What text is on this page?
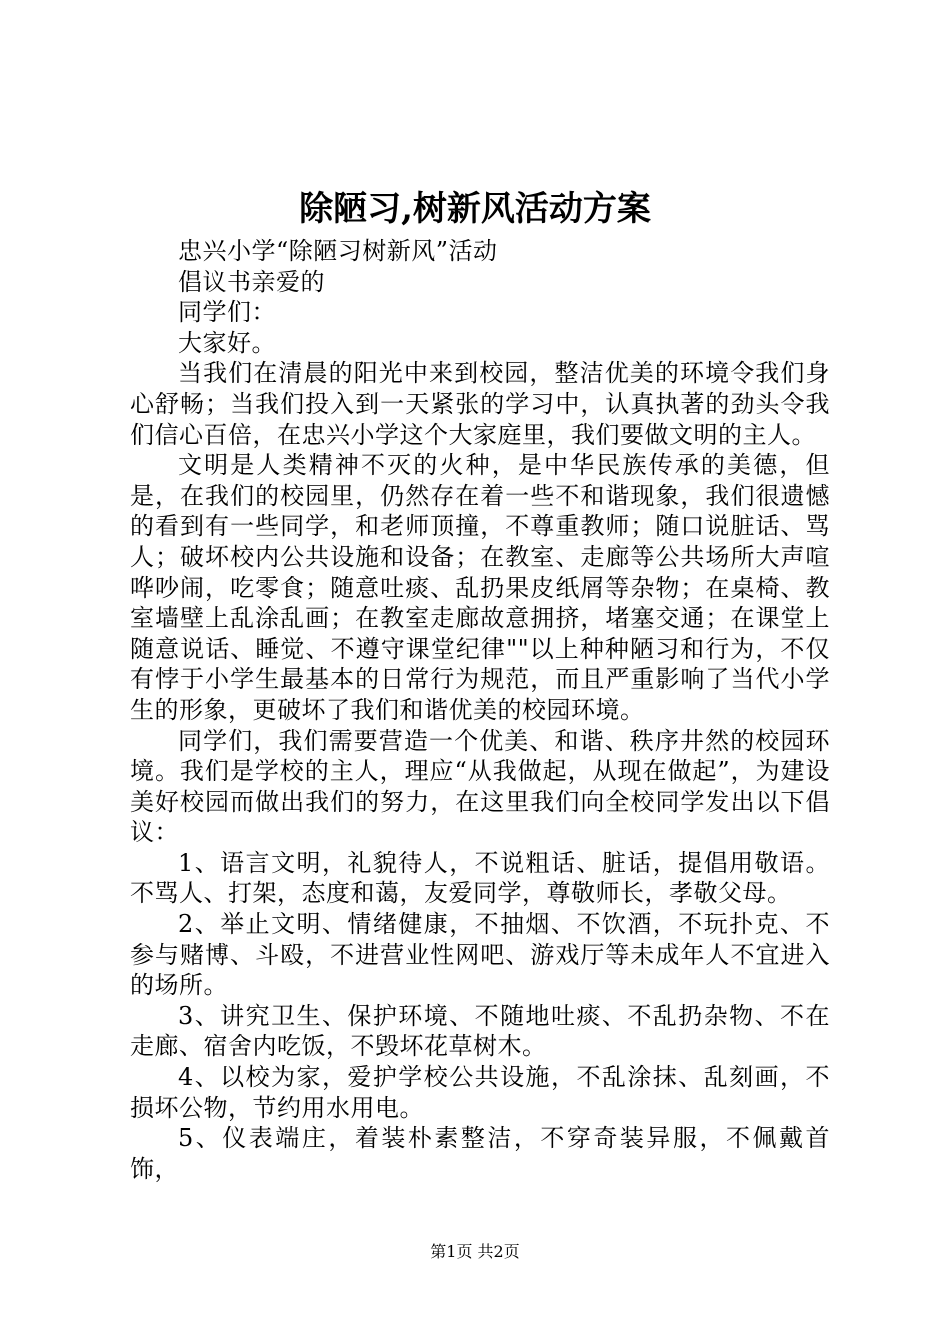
除陋习,树新风活动方案

忠兴小学“除陋习树新风”活动

倡议书亲爱的

同学们：

大家好。

当我们在清晨的阳光中来到校园，整洁优美的环境令我们身心舒畅；当我们投入到一天紧张的学习中，认真执著的劲头令我们信心百倍，在忠兴小学这个大家庭里，我们要做文明的主人。

文明是人类精神不灭的火种，是中华民族传承的美德，但是，在我们的校园里，仍然存在着一些不和谐现象，我们很遗憾的看到有一些同学，和老师顶撞，不尊重教师；随口说脏话、骂人；破坏校内公共设施和设备；在教室、走廊等公共场所大声喧哗吵闹，吃零食；随意吐痰、乱扔果皮纸屑等杂物；在桌椅、教室墙壁上乱涂乱画；在教室走廊故意拥挤，堵塞交通；在课堂上随意说话、睡觉、不遵守课堂纪律""以上种种陋习和行为，不仅有悖于小学生最基本的日常行为规范，而且严重影响了当代小学生的形象，更破坏了我们和谐优美的校园环境。

同学们，我们需要营造一个优美、和谐、秩序井然的校园环境。我们是学校的主人，理应“从我做起，从现在做起”，为建设美好校园而做出我们的努力，在这里我们向全校同学发出以下倡议：

1、语言文明，礼貌待人，不说粗话、脏话，提倡用敬语。不骂人、打架，态度和蔼，友爱同学，尊敬师长，孝敬父母。

2、举止文明、情绪健康，不抽烟、不饮酒，不玩扑克、不参与赌博、斗殴，不进营业性网吧、游戏厅等未成年人不宜进入的场所。

3、讲究卫生、保护环境、不随地吐痰、不乱扔杂物、不在走廊、宿舍内吃饭，不毁坏花草树木。

4、以校为家，爱护学校公共设施，不乱涂抹、乱刻画，不损坏公物，节约用水用电。

5、仪表端庄，着装朴素整洁，不穿奇装异服，不佩戴首饰，

第1页 共2页
